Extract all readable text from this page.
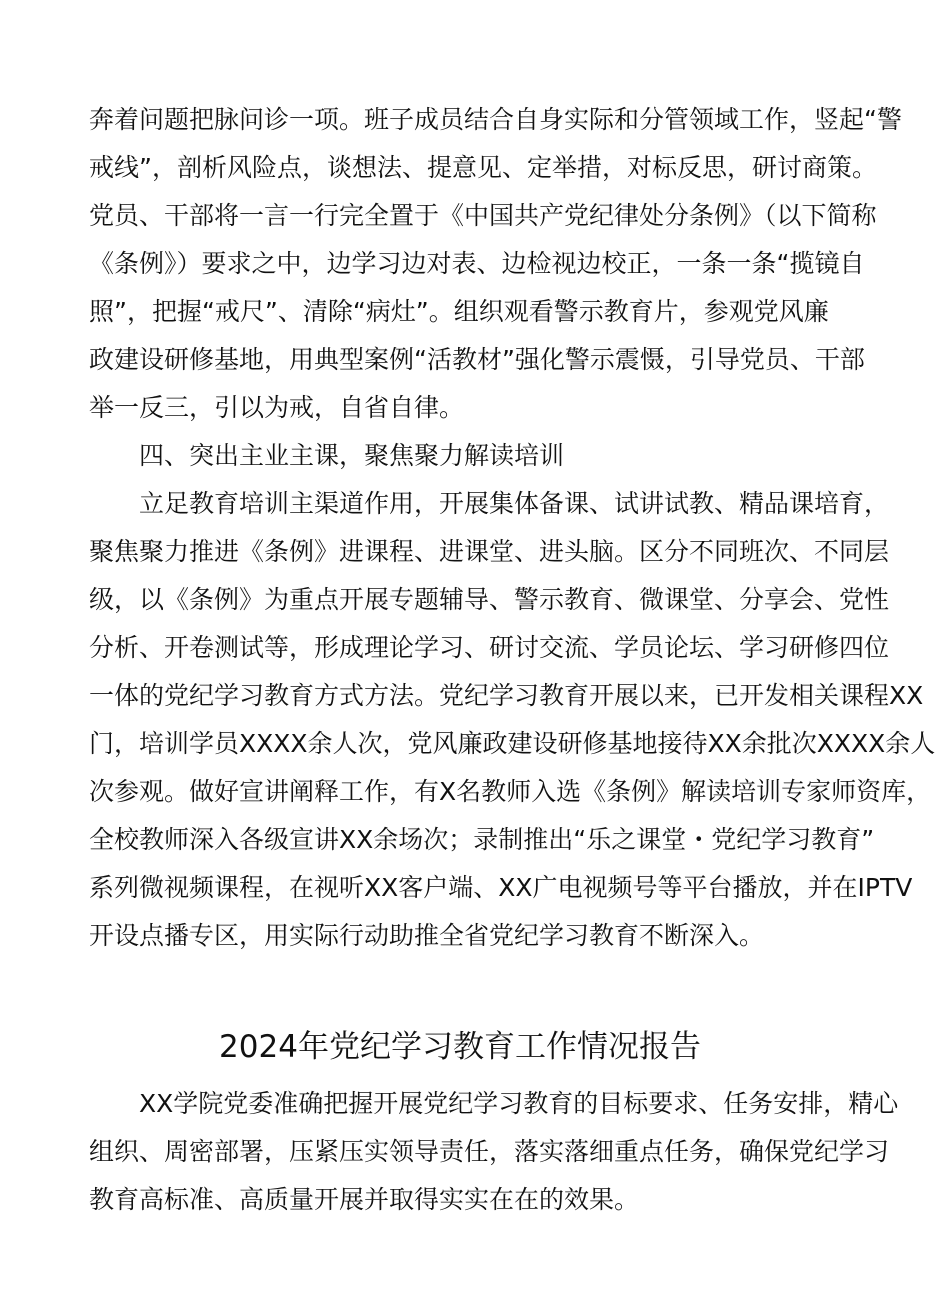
奔着问题把脉问诊一项。班子成员结合自身实际和分管领域工作，竖起“警
戒线”，剖析风险点，谈想法、提意见、定举措，对标反思，研讨商策。
党员、干部将一言一行完全置于《中国共产党纪律处分条例》（以下简称
《条例》）要求之中，边学习边对表、边检视边校正，一条一条“揽镜自
照”，把握“戒尺”、清除“病灶”。组织观看警示教育片，参观党风廉
政建设研修基地，用典型案例“活教材”强化警示震慑，引导党员、干部
举一反三，引以为戒，自省自律。
四、突出主业主课，聚焦聚力解读培训
立足教育培训主渠道作用，开展集体备课、试讲试教、精品课培育，
聚焦聚力推进《条例》进课程、进课堂、进头脑。区分不同班次、不同层
级，以《条例》为重点开展专题辅导、警示教育、微课堂、分享会、党性
分析、开卷测试等，形成理论学习、研讨交流、学员论坛、学习研修四位
一体的党纪学习教育方式方法。党纪学习教育开展以来，已开发相关课程XX
门，培训学员XXXX余人次，党风廉政建设研修基地接待XX余批次XXXX余人
次参观。做好宣讲阐释工作，有X名教师入选《条例》解读培训专家师资库，
全校教师深入各级宣讲XX余场次；录制推出“乐之课堂・党纪学习教育”
系列微视频课程，在视听XX客户端、XX广电视频号等平台播放，并在IPTV
开设点播专区，用实际行动助推全省党纪学习教育不断深入。
2024年党纪学习教育工作情况报告
XX学院党委准确把握开展党纪学习教育的目标要求、任务安排，精心
组织、周密部署，压紧压实领导责任，落实落细重点任务，确保党纪学习
教育高标准、高质量开展并取得实实在在的效果。
